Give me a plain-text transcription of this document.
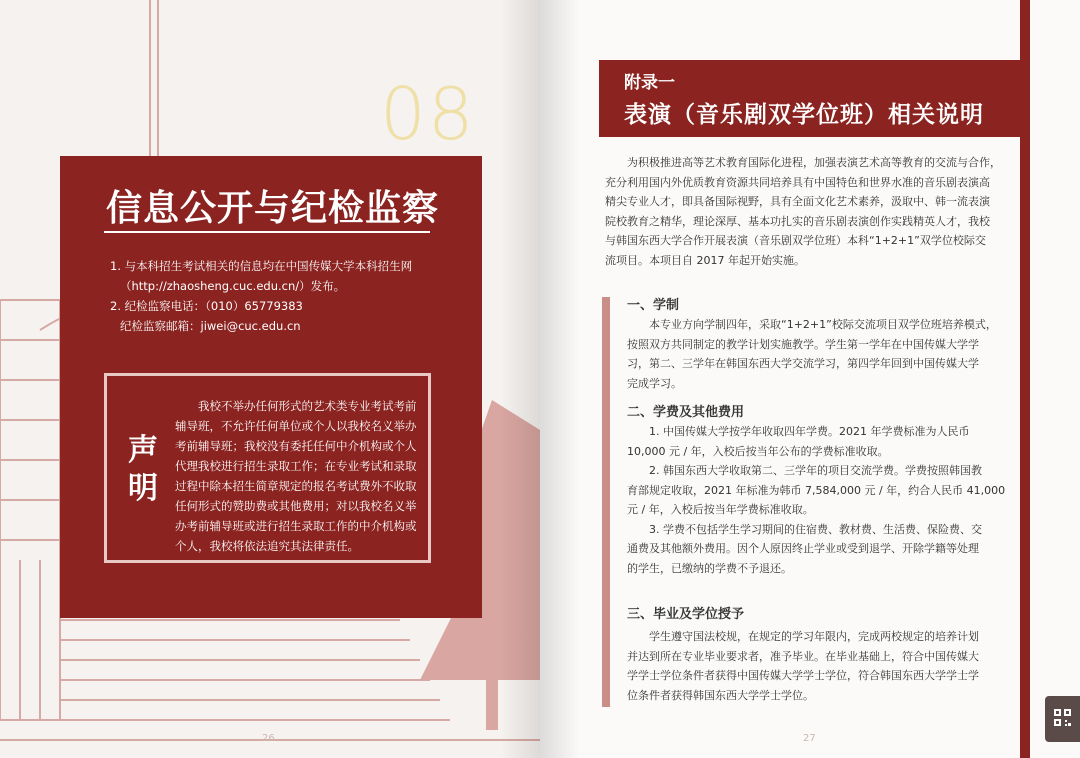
08
信息公开与纪检监察
1. 与本科招生考试相关的信息均在中国传媒大学本科招生网
（http://zhaosheng.cuc.edu.cn/）发布。
2. 纪检监察电话：（010）65779383
纪检监察邮箱：jiwei@cuc.edu.cn
声
明
我校不举办任何形式的艺术类专业考试考前
辅导班，不允许任何单位或个人以我校名义举办
考前辅导班；我校没有委托任何中介机构或个人
代理我校进行招生录取工作；在专业考试和录取
过程中除本招生简章规定的报名考试费外不收取
任何形式的赞助费或其他费用；对以我校名义举
办考前辅导班或进行招生录取工作的中介机构或
个人，我校将依法追究其法律责任。
26
附录一
表演（音乐剧双学位班）相关说明
为积极推进高等艺术教育国际化进程，加强表演艺术高等教育的交流与合作，
充分利用国内外优质教育资源共同培养具有中国特色和世界水准的音乐剧表演高
精尖专业人才，即具备国际视野，具有全面文化艺术素养，汲取中、韩一流表演
院校教育之精华，理论深厚、基本功扎实的音乐剧表演创作实践精英人才，我校
与韩国东西大学合作开展表演（音乐剧双学位班）本科“1+2+1”双学位校际交
流项目。本项目自 2017 年起开始实施。
一、学制
本专业方向学制四年，采取“1+2+1”校际交流项目双学位班培养模式，
按照双方共同制定的教学计划实施教学。学生第一学年在中国传媒大学学
习，第二、三学年在韩国东西大学交流学习，第四学年回到中国传媒大学
完成学习。
二、学费及其他费用
1. 中国传媒大学按学年收取四年学费。2021 年学费标准为人民币
10,000 元 / 年，入校后按当年公布的学费标准收取。
2. 韩国东西大学收取第二、三学年的项目交流学费。学费按照韩国教
育部规定收取，2021 年标准为韩币 7,584,000 元 / 年，约合人民币 41,000
元 / 年，入校后按当年学费标准收取。
3. 学费不包括学生学习期间的住宿费、教材费、生活费、保险费、交
通费及其他额外费用。因个人原因终止学业或受到退学、开除学籍等处理
的学生，已缴纳的学费不予退还。
三、毕业及学位授予
学生遵守国法校规，在规定的学习年限内，完成两校规定的培养计划
并达到所在专业毕业要求者，准予毕业。在毕业基础上，符合中国传媒大
学学士学位条件者获得中国传媒大学学士学位，符合韩国东西大学学士学
位条件者获得韩国东西大学学士学位。
27
